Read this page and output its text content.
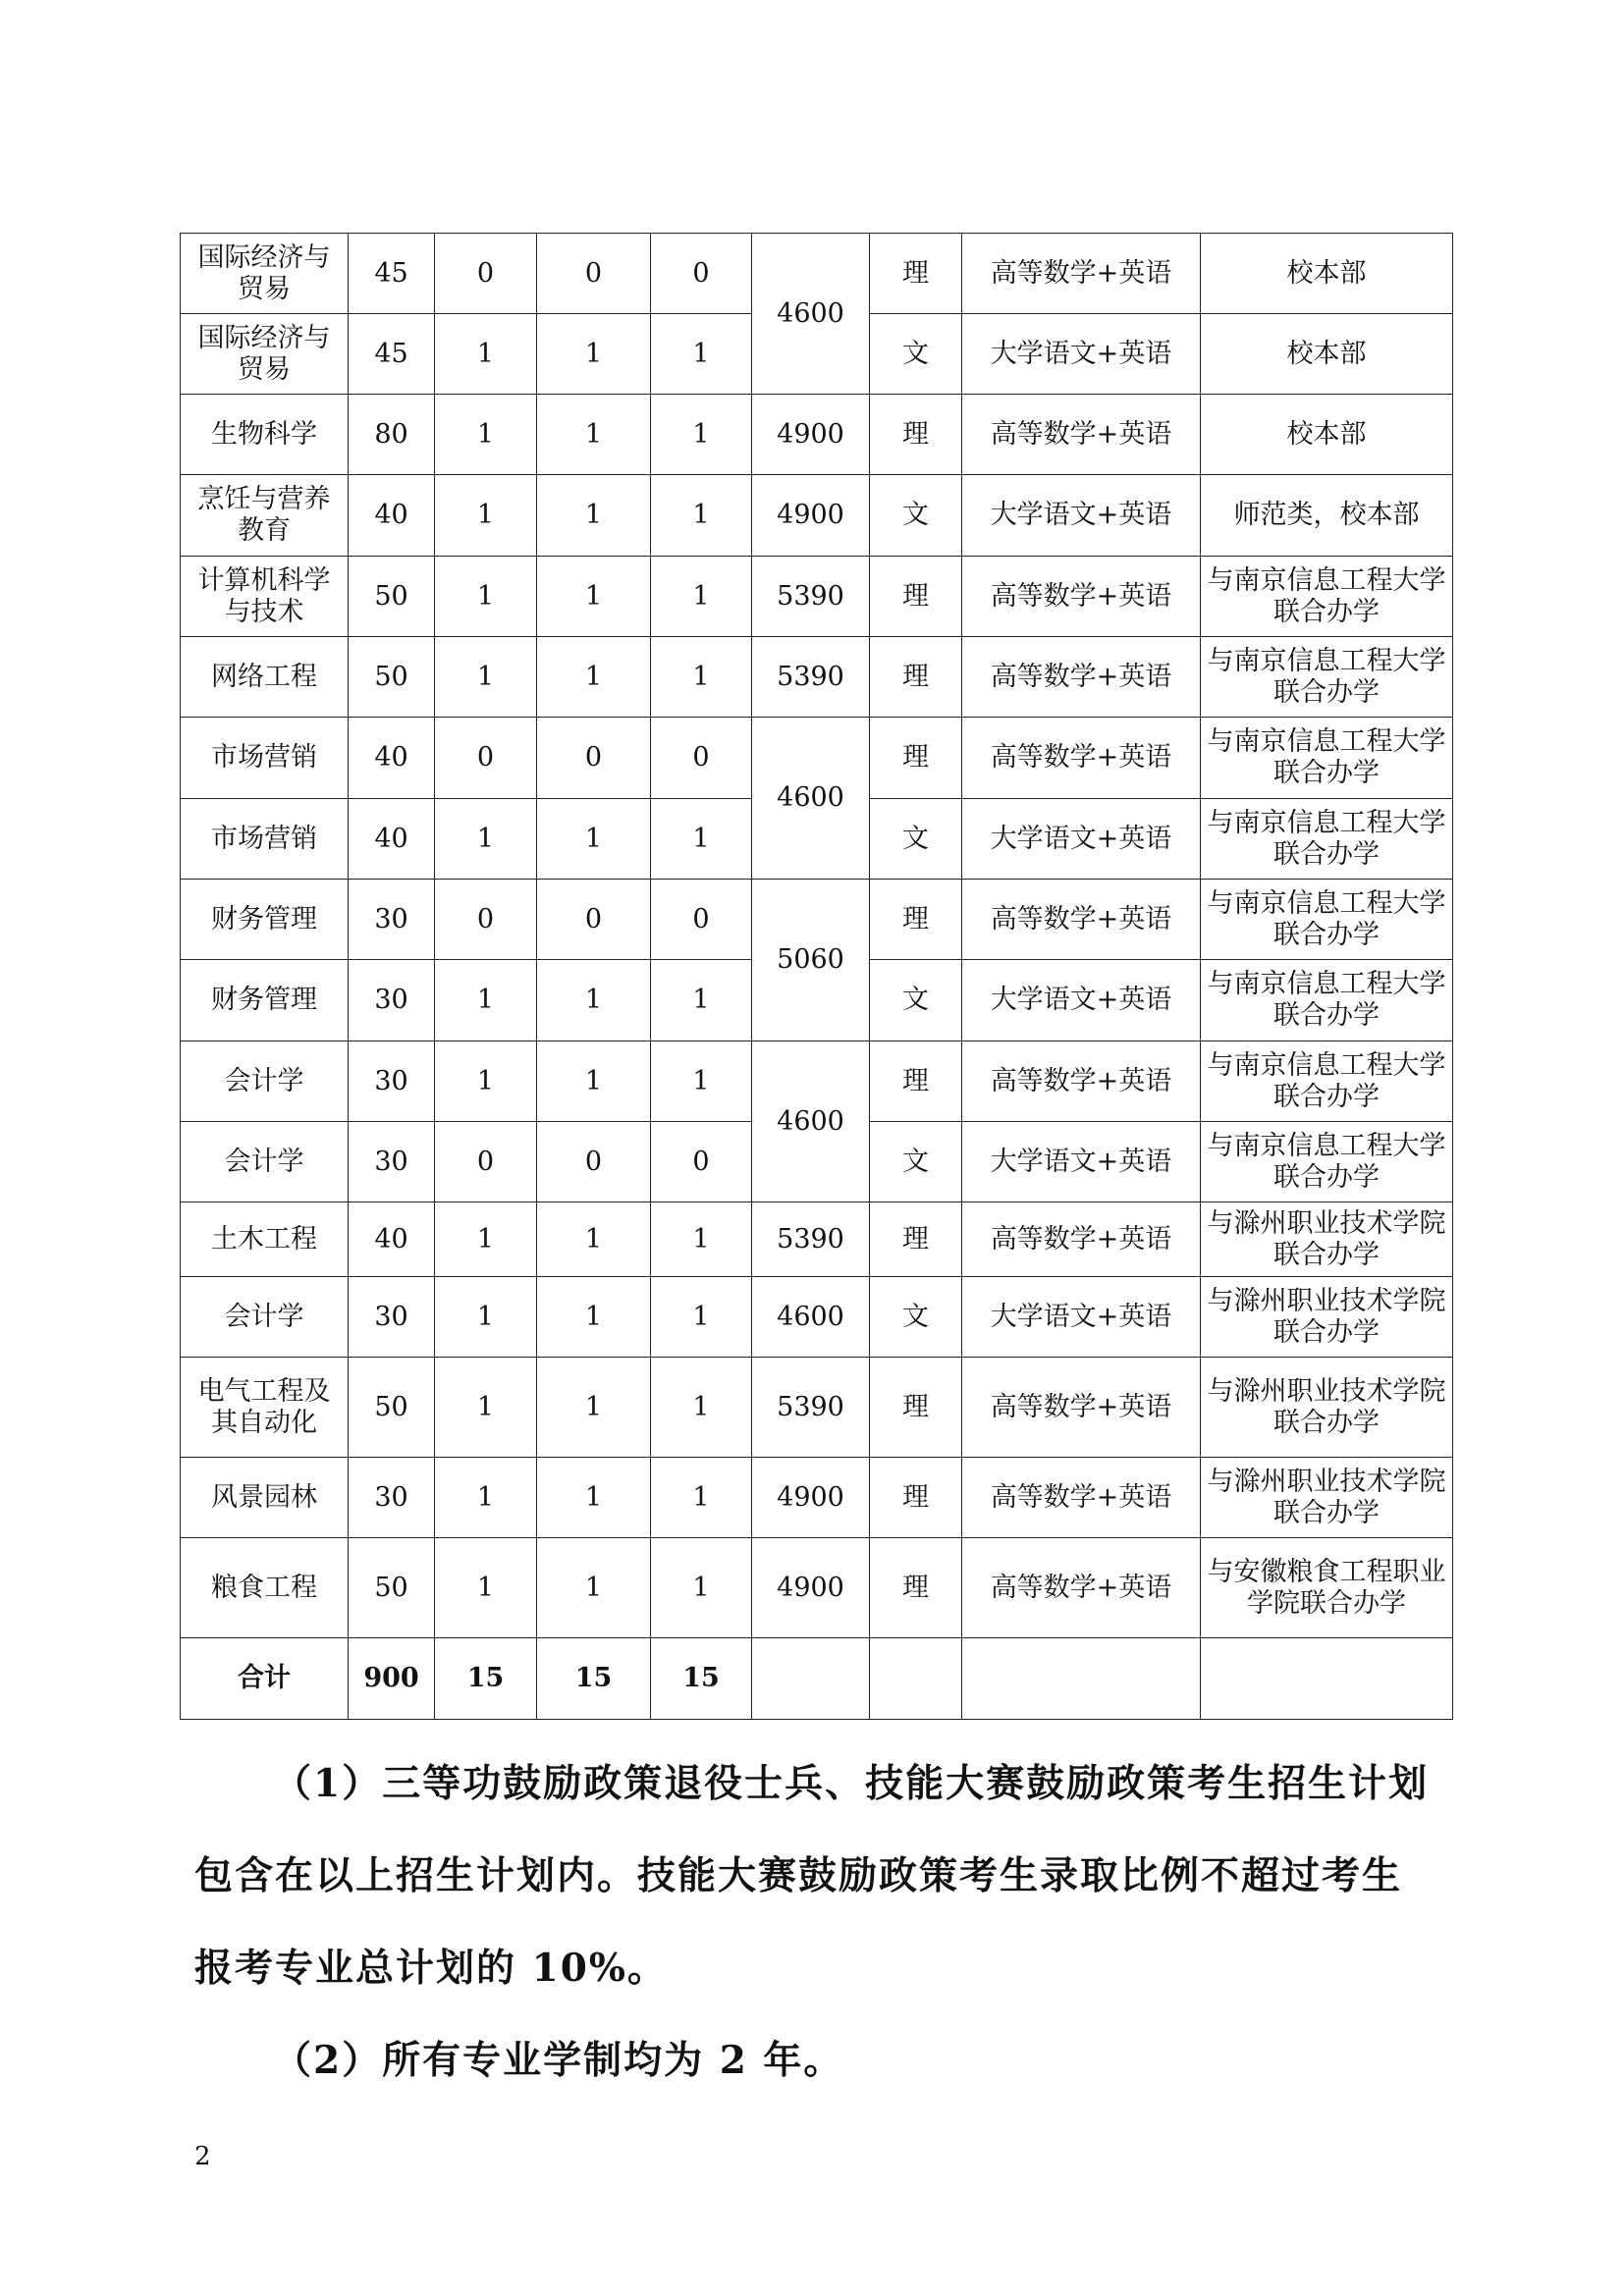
国际经济与贸易	45	0	0	0	4600	理	高等数学+英语	校本部
国际经济与贸易	45	1	1	1		文	大学语文+英语	校本部
生物科学	80	1	1	1	4900	理	高等数学+英语	校本部
烹饪与营养教育	40	1	1	1	4900	文	大学语文+英语	师范类，校本部
计算机科学与技术	50	1	1	1	5390	理	高等数学+英语	与南京信息工程大学联合办学
网络工程	50	1	1	1	5390	理	高等数学+英语	与南京信息工程大学联合办学
市场营销	40	0	0	0	4600	理	高等数学+英语	与南京信息工程大学联合办学
市场营销	40	1	1	1		文	大学语文+英语	与南京信息工程大学联合办学
财务管理	30	0	0	0	5060	理	高等数学+英语	与南京信息工程大学联合办学
财务管理	30	1	1	1		文	大学语文+英语	与南京信息工程大学联合办学
会计学	30	1	1	1	4600	理	高等数学+英语	与南京信息工程大学联合办学
会计学	30	0	0	0		文	大学语文+英语	与南京信息工程大学联合办学
土木工程	40	1	1	1	5390	理	高等数学+英语	与滁州职业技术学院联合办学
会计学	30	1	1	1	4600	文	大学语文+英语	与滁州职业技术学院联合办学
电气工程及其自动化	50	1	1	1	5390	理	高等数学+英语	与滁州职业技术学院联合办学
风景园林	30	1	1	1	4900	理	高等数学+英语	与滁州职业技术学院联合办学
粮食工程	50	1	1	1	4900	理	高等数学+英语	与安徽粮食工程职业学院联合办学
合计	900	15	15	15				

（1）三等功鼓励政策退役士兵、技能大赛鼓励政策考生招生计划包含在以上招生计划内。技能大赛鼓励政策考生录取比例不超过考生报考专业总计划的 10%。

（2）所有专业学制均为 2 年。

2
